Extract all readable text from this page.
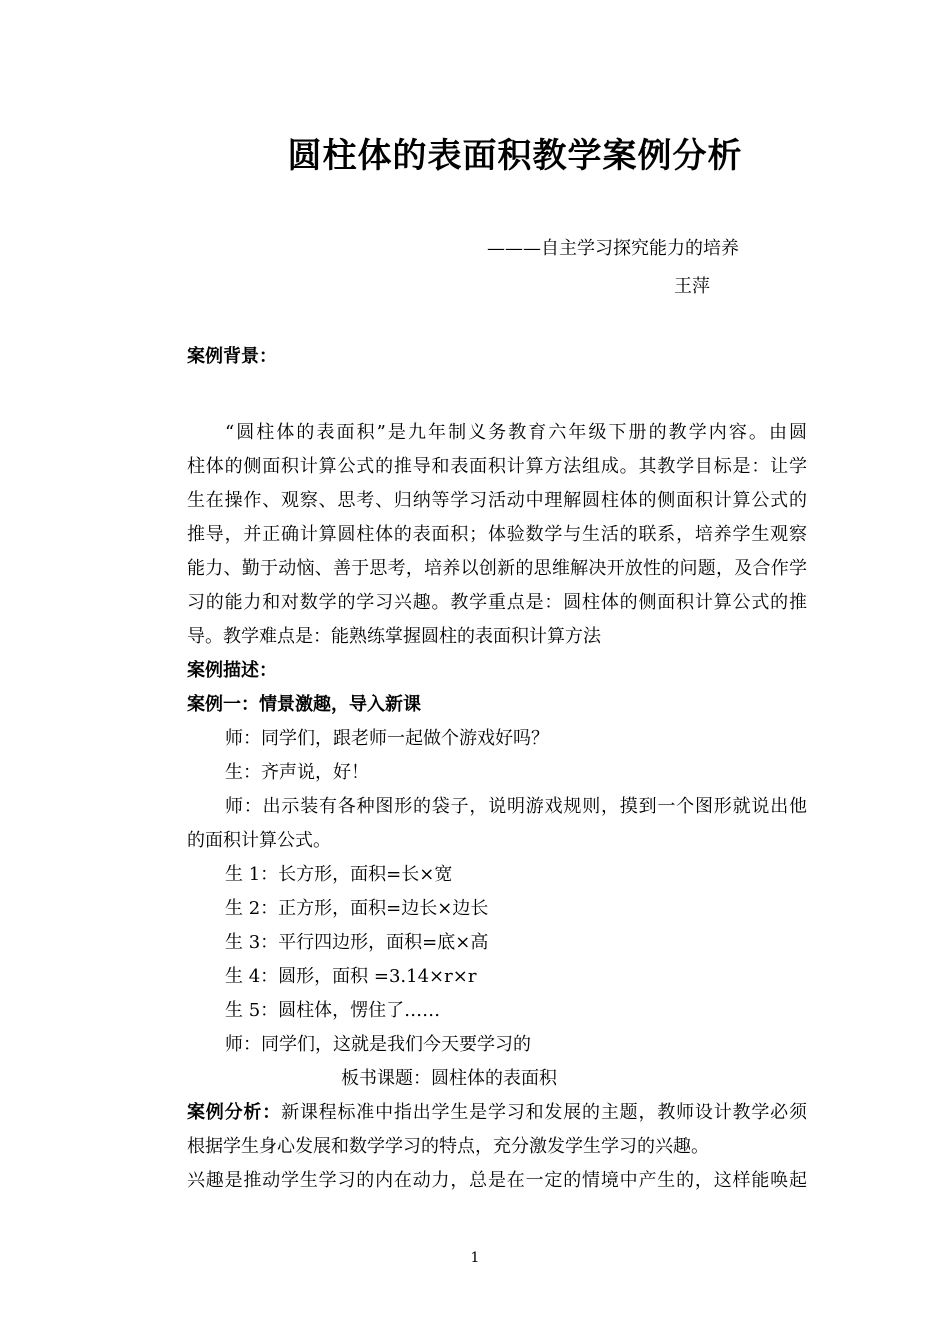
圆柱体的表面积教学案例分析
———自主学习探究能力的培养
王萍
案例背景：
“圆柱体的表面积”是九年制义务教育六年级下册的教学内容。由圆
柱体的侧面积计算公式的推导和表面积计算方法组成。其教学目标是：让学
生在操作、观察、思考、归纳等学习活动中理解圆柱体的侧面积计算公式的
推导，并正确计算圆柱体的表面积；体验数学与生活的联系，培养学生观察
能力、勤于动恼、善于思考，培养以创新的思维解决开放性的问题，及合作学
习的能力和对数学的学习兴趣。教学重点是：圆柱体的侧面积计算公式的推
导。教学难点是：能熟练掌握圆柱的表面积计算方法
案例描述：
案例一：情景激趣，导入新课
师：同学们，跟老师一起做个游戏好吗？
生：齐声说，好！
师：出示装有各种图形的袋子，说明游戏规则，摸到一个图形就说出他
的面积计算公式。
生 1：长方形，面积=长×宽
生 2：正方形，面积=边长×边长
生 3：平行四边形，面积=底×高
生 4：圆形，面积 =3.14×r×r
生 5：圆柱体，愣住了……
师：同学们，这就是我们今天要学习的
板书课题：圆柱体的表面积
案例分析：新课程标准中指出学生是学习和发展的主题，教师设计教学必须
根据学生身心发展和数学学习的特点，充分激发学生学习的兴趣。
兴趣是推动学生学习的内在动力，总是在一定的情境中产生的，这样能唤起
1
